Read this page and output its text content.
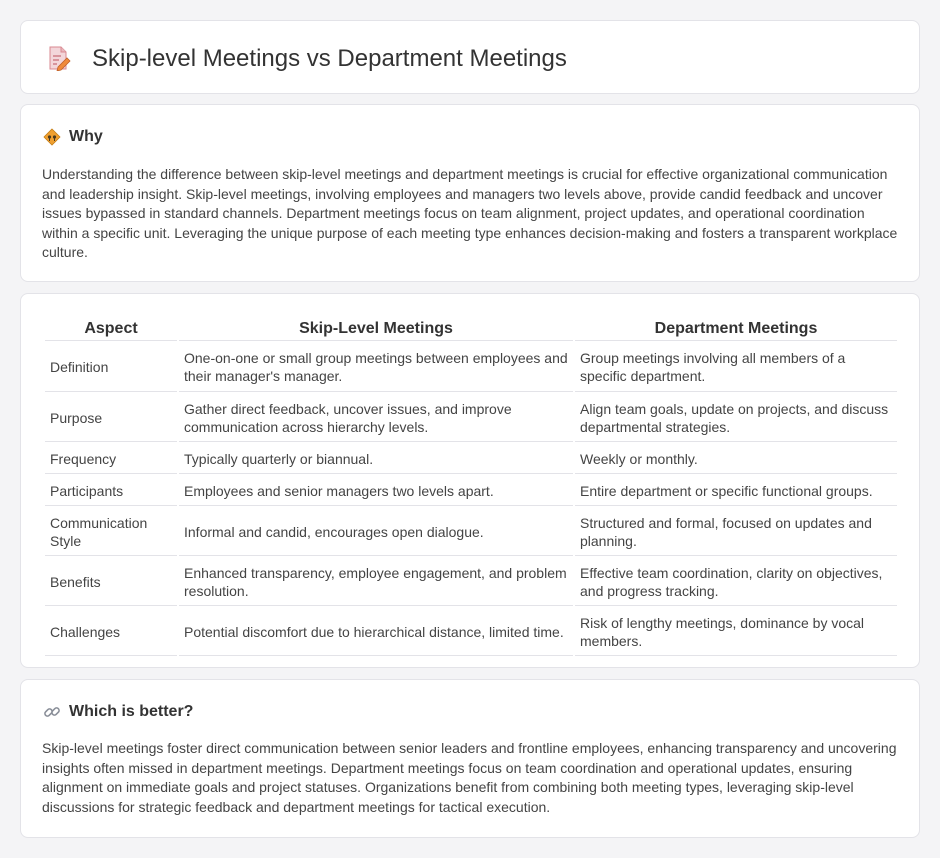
Skip-level Meetings vs Department Meetings
Why

Understanding the difference between skip-level meetings and department meetings is crucial for effective organizational communication and leadership insight. Skip-level meetings, involving employees and managers two levels above, provide candid feedback and uncover issues bypassed in standard channels. Department meetings focus on team alignment, project updates, and operational coordination within a specific unit. Leveraging the unique purpose of each meeting type enhances decision-making and fosters a transparent workplace culture.

Aspect	Skip-Level Meetings	Department Meetings
Definition	One-on-one or small group meetings between employees and their manager's manager.	Group meetings involving all members of a specific department.
Purpose	Gather direct feedback, uncover issues, and improve communication across hierarchy levels.	Align team goals, update on projects, and discuss departmental strategies.
Frequency	Typically quarterly or biannual.	Weekly or monthly.
Participants	Employees and senior managers two levels apart.	Entire department or specific functional groups.
Communication Style	Informal and candid, encourages open dialogue.	Structured and formal, focused on updates and planning.
Benefits	Enhanced transparency, employee engagement, and problem resolution.	Effective team coordination, clarity on objectives, and progress tracking.
Challenges	Potential discomfort due to hierarchical distance, limited time.	Risk of lengthy meetings, dominance by vocal members.
Which is better?

Skip-level meetings foster direct communication between senior leaders and frontline employees, enhancing transparency and uncovering insights often missed in department meetings. Department meetings focus on team coordination and operational updates, ensuring alignment on immediate goals and project statuses. Organizations benefit from combining both meeting types, leveraging skip-level discussions for strategic feedback and department meetings for tactical execution.
